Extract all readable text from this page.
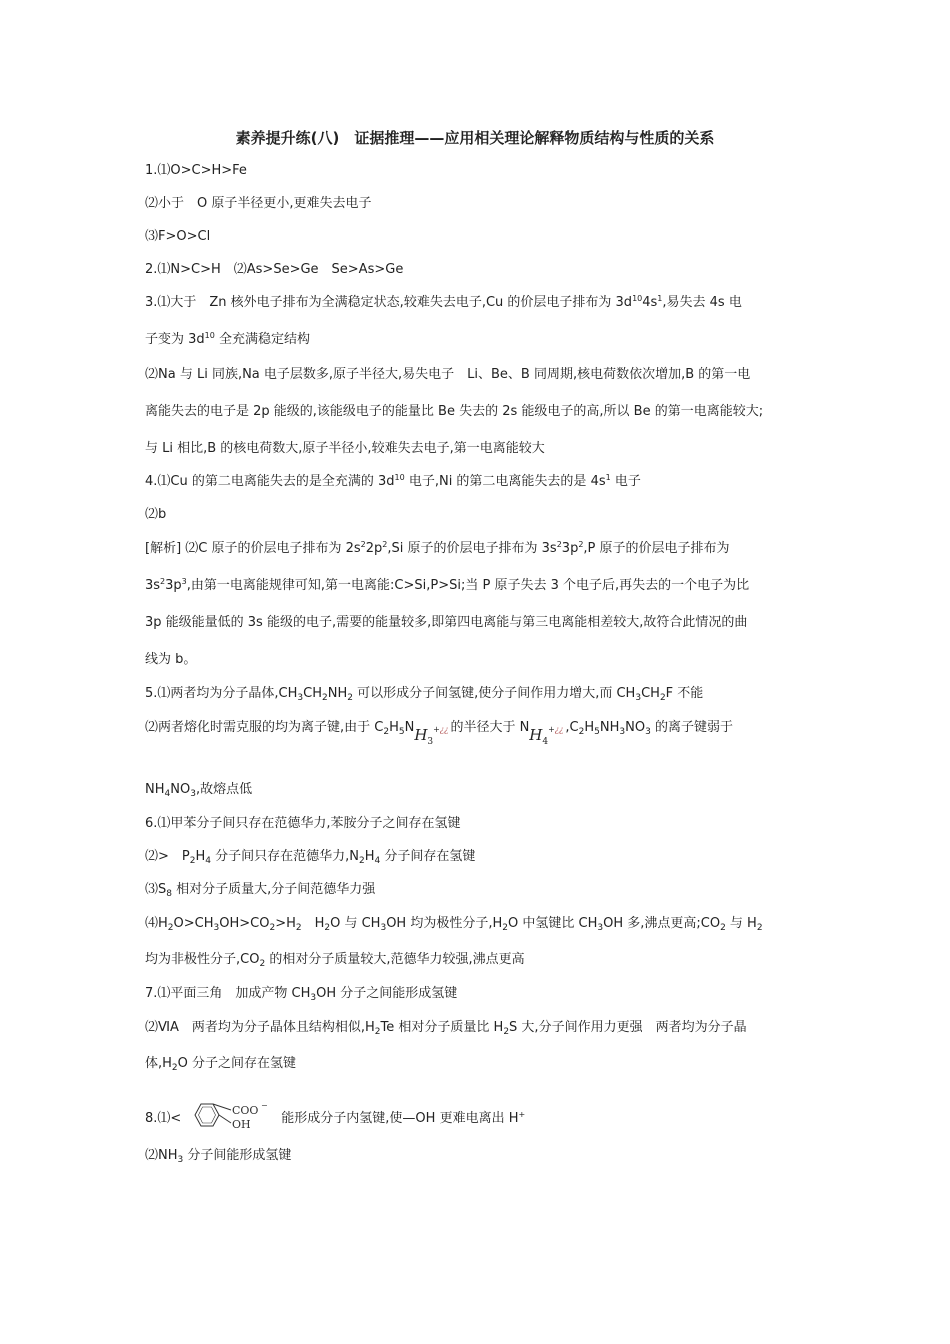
素养提升练(八)　证据推理——应用相关理论解释物质结构与性质的关系
1.⑴O>C>H>Fe
⑵小于　O 原子半径更小,更难失去电子
⑶F>O>Cl
2.⑴N>C>H　⑵As>Se>Ge　Se>As>Ge
3.⑴大于　Zn 核外电子排布为全满稳定状态,较难失去电子,Cu 的价层电子排布为 $3d^{10}4s^1$,易失去 4s 电
子变为 $3d^{10}$ 全充满稳定结构
⑵Na 与 Li 同族,Na 电子层数多,原子半径大,易失电子　Li、Be、B 同周期,核电荷数依次增加,B 的第一电
离能失去的电子是 2p 能级的,该能级电子的能量比 Be 失去的 2s 能级电子的高,所以 Be 的第一电离能较大;
与 Li 相比,B 的核电荷数大,原子半径小,较难失去电子,第一电离能较大
4.⑴Cu 的第二电离能失去的是全充满的 $3d^{10}$ 电子,Ni 的第二电离能失去的是 $4s^1$ 电子
⑵b
[解析] ⑵C 原子的价层电子排布为 $2s^22p^2,Si$ 原子的价层电子排布为 $3s^23p^2,P$ 原子的价层电子排布为
$3s^23p^3$,由第一电离能规律可知,第一电离能:C>Si,P>Si;当 P 原子失去 3 个电子后,再失去的一个电子为比
3p 能级能量低的 3s 能级的电子,需要的能量较多,即第四电离能与第三电离能相差较大,故符合此情况的曲
线为 b。
5.⑴两者均为分子晶体$,CH_3CH_2NH_2$ 可以形成分子间氢键,使分子间作用力增大,而 $CH_3CH_2F$ 不能
⑵两者熔化时需克服的均为离子键,由于 $C_2H_5NH_3^{+¿¿}$ 的半径大于 $NH_4^{+¿¿}$ $,C_2H_5NH_3NO_3$ 的离子键弱于
$NH_4NO_3$,故熔点低
6.⑴甲苯分子间只存在范德华力,苯胺分子之间存在氢键
⑵>　$P_2H_4$ 分子间只存在范德华力$,N_2H_4$ 分子间存在氢键
$⑶S_8$ 相对分子质量大,分子间范德华力强
$⑷H_2O>CH_3OH>CO_2>H_2$　$H_2O$ 与 $CH_3OH$ 均为极性分子$,H_2O$ 中氢键比 $CH_3OH$ 多,沸点更高$;CO_2$ 与 $H_2$
均为非极性分子$,CO_2$ 的相对分子质量较大,范德华力较强,沸点更高
7.⑴平面三角　加成产物 $CH_3OH$ 分子之间能形成氢键
⑵ⅥA　两者均为分子晶体且结构相似$,H_2Te$ 相对分子质量比 $H_2S$ 大,分子间作用力更强　两者均为分子晶
体$,H_2O$ 分子之间存在氢键
8.⑴<
COO −
OH 能形成分子内氢键,使—OH 更难电离出 H+
$⑵NH_3$ 分子间能形成氢键
